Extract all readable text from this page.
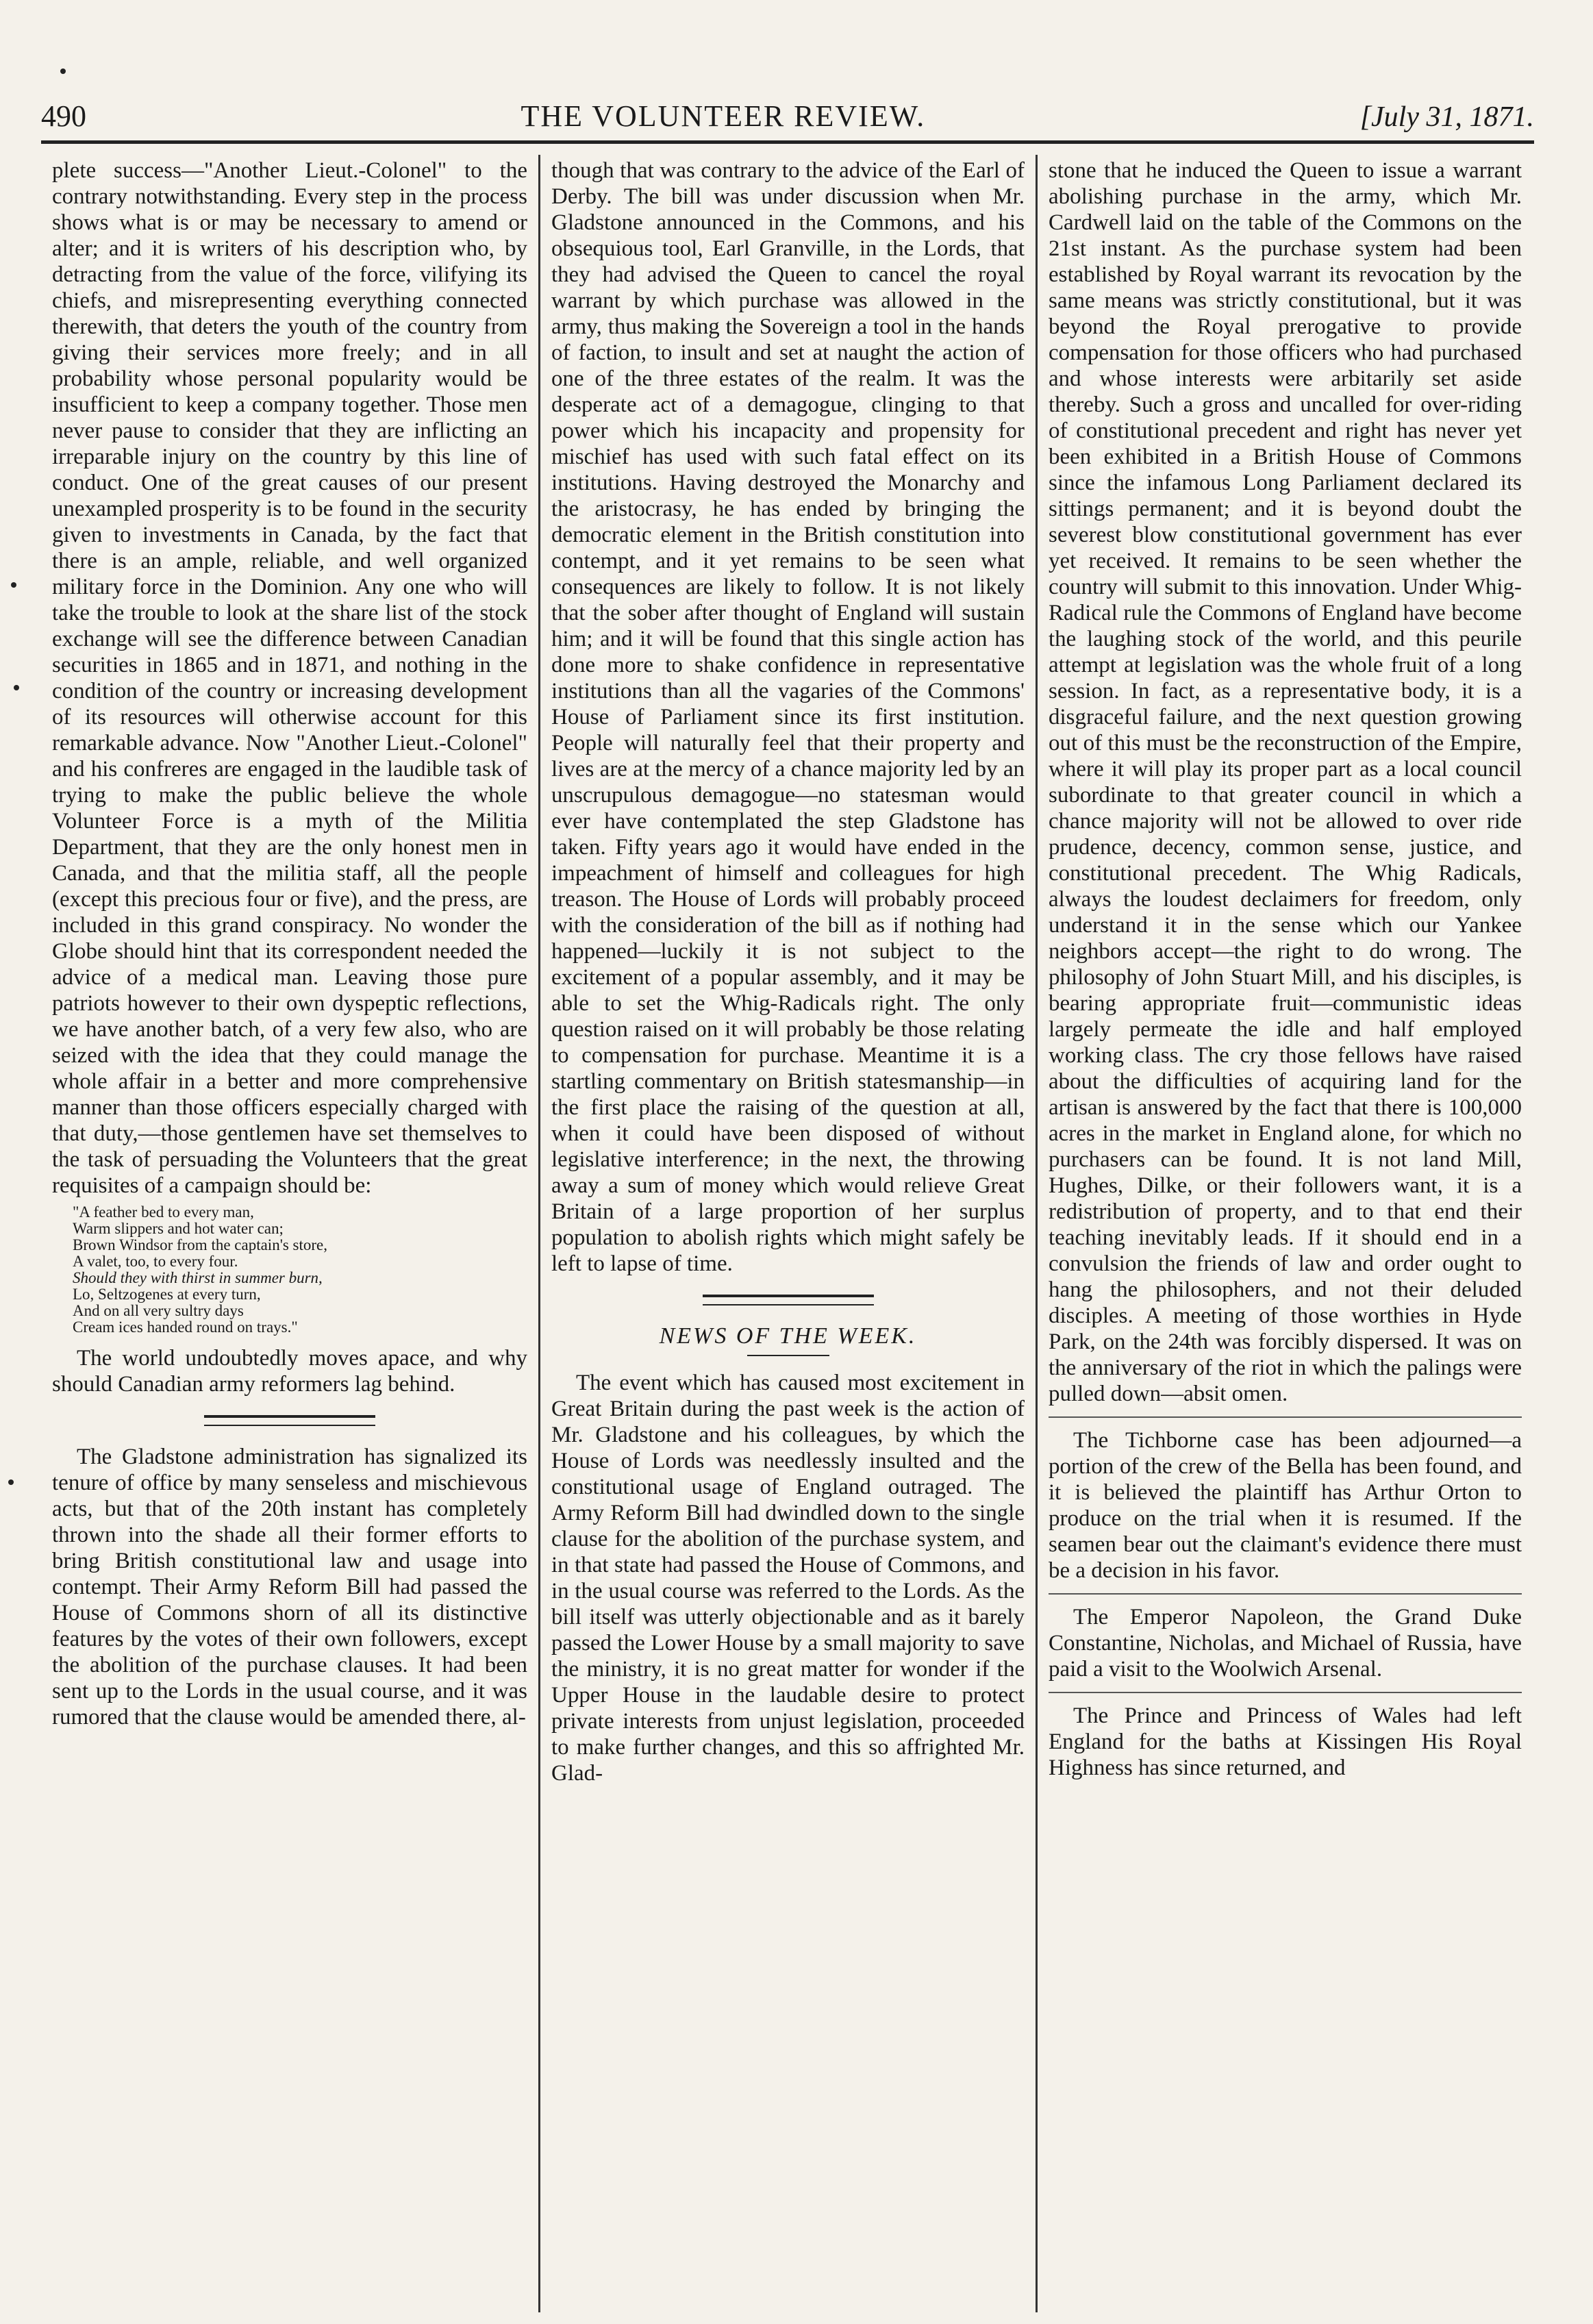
490	THE VOLUNTEER REVIEW.	[July 31, 1871.

plete success—"Another Lieut.-Colonel" to the contrary notwithstanding. Every step in the process shows what is or may be necessary to amend or alter; and it is writers of his description who, by detracting from the value of the force, vilifying its chiefs, and misrepresenting everything connected therewith, that deters the youth of the country from giving their services more freely; and in all probability whose personal popularity would be insufficient to keep a company together. Those men never pause to consider that they are inflicting an irreparable injury on the country by this line of conduct. One of the great causes of our present unexampled prosperity is to be found in the security given to investments in Canada, by the fact that there is an ample, reliable, and well organized military force in the Dominion. Any one who will take the trouble to look at the share list of the stock exchange will see the difference between Canadian securities in 1865 and in 1871, and nothing in the condition of the country or increasing development of its resources will otherwise account for this remarkable advance. Now "Another Lieut.-Colonel" and his confreres are engaged in the laudible task of trying to make the public believe the whole Volunteer Force is a myth of the Militia Department, that they are the only honest men in Canada, and that the militia staff, all the people (except this precious four or five), and the press, are included in this grand conspiracy. No wonder the Globe should hint that its correspondent needed the advice of a medical man. Leaving those pure patriots however to their own dyspeptic reflections, we have another batch, of a very few also, who are seized with the idea that they could manage the whole affair in a better and more comprehensive manner than those officers especially charged with that duty,—those gentlemen have set themselves to the task of persuading the Volunteers that the great requisites of a campaign should be:

"A feather bed to every man,
Warm slippers and hot water can;
Brown Windsor from the captain's store,
A valet, too, to every four.
Should they with thirst in summer burn,
Lo, Seltzogenes at every turn,
And on all very sultry days
Cream ices handed round on trays."

The world undoubtedly moves apace, and why should Canadian army reformers lag behind.

The Gladstone administration has signalized its tenure of office by many senseless and mischievous acts, but that of the 20th instant has completely thrown into the shade all their former efforts to bring British constitutional law and usage into contempt. Their Army Reform Bill had passed the House of Commons shorn of all its distinctive features by the votes of their own followers, except the abolition of the purchase clauses. It had been sent up to the Lords in the usual course, and it was rumored that the clause would be amended there, al-

though that was contrary to the advice of the Earl of Derby. The bill was under discussion when Mr. Gladstone announced in the Commons, and his obsequious tool, Earl Granville, in the Lords, that they had advised the Queen to cancel the royal warrant by which purchase was allowed in the army, thus making the Sovereign a tool in the hands of faction, to insult and set at naught the action of one of the three estates of the realm. It was the desperate act of a demagogue, clinging to that power which his incapacity and propensity for mischief has used with such fatal effect on its institutions. Having destroyed the Monarchy and the aristocrasy, he has ended by bringing the democratic element in the British constitution into contempt, and it yet remains to be seen what consequences are likely to follow. It is not likely that the sober after thought of England will sustain him; and it will be found that this single action has done more to shake confidence in representative institutions than all the vagaries of the Commons' House of Parliament since its first institution. People will naturally feel that their property and lives are at the mercy of a chance majority led by an unscrupulous demagogue—no statesman would ever have contemplated the step Gladstone has taken. Fifty years ago it would have ended in the impeachment of himself and colleagues for high treason. The House of Lords will probably proceed with the consideration of the bill as if nothing had happened—luckily it is not subject to the excitement of a popular assembly, and it may be able to set the Whig-Radicals right. The only question raised on it will probably be those relating to compensation for purchase. Meantime it is a startling commentary on British statesmanship—in the first place the raising of the question at all, when it could have been disposed of without legislative interference; in the next, the throwing away a sum of money which would relieve Great Britain of a large proportion of her surplus population to abolish rights which might safely be left to lapse of time.

NEWS OF THE WEEK.

The event which has caused most excitement in Great Britain during the past week is the action of Mr. Gladstone and his colleagues, by which the House of Lords was needlessly insulted and the constitutional usage of England outraged. The Army Reform Bill had dwindled down to the single clause for the abolition of the purchase system, and in that state had passed the House of Commons, and in the usual course was referred to the Lords. As the bill itself was utterly objectionable and as it barely passed the Lower House by a small majority to save the ministry, it is no great matter for wonder if the Upper House in the laudable desire to protect private interests from unjust legislation, proceeded to make further changes, and this so affrighted Mr. Glad-

stone that he induced the Queen to issue a warrant abolishing purchase in the army, which Mr. Cardwell laid on the table of the Commons on the 21st instant. As the purchase system had been established by Royal warrant its revocation by the same means was strictly constitutional, but it was beyond the Royal prerogative to provide compensation for those officers who had purchased and whose interests were arbitarily set aside thereby. Such a gross and uncalled for over-riding of constitutional precedent and right has never yet been exhibited in a British House of Commons since the infamous Long Parliament declared its sittings permanent; and it is beyond doubt the severest blow constitutional government has ever yet received. It remains to be seen whether the country will submit to this innovation. Under Whig-Radical rule the Commons of England have become the laughing stock of the world, and this peurile attempt at legislation was the whole fruit of a long session. In fact, as a representative body, it is a disgraceful failure, and the next question growing out of this must be the reconstruction of the Empire, where it will play its proper part as a local council subordinate to that greater council in which a chance majority will not be allowed to over ride prudence, decency, common sense, justice, and constitutional precedent. The Whig Radicals, always the loudest declaimers for freedom, only understand it in the sense which our Yankee neighbors accept—the right to do wrong. The philosophy of John Stuart Mill, and his disciples, is bearing appropriate fruit—communistic ideas largely permeate the idle and half employed working class. The cry those fellows have raised about the difficulties of acquiring land for the artisan is answered by the fact that there is 100,000 acres in the market in England alone, for which no purchasers can be found. It is not land Mill, Hughes, Dilke, or their followers want, it is a redistribution of property, and to that end their teaching inevitably leads. If it should end in a convulsion the friends of law and order ought to hang the philosophers, and not their deluded disciples. A meeting of those worthies in Hyde Park, on the 24th was forcibly dispersed. It was on the anniversary of the riot in which the palings were pulled down—absit omen.

The Tichborne case has been adjourned—a portion of the crew of the Bella has been found, and it is believed the plaintiff has Arthur Orton to produce on the trial when it is resumed. If the seamen bear out the claimant's evidence there must be a decision in his favor.

The Emperor Napoleon, the Grand Duke Constantine, Nicholas, and Michael of Russia, have paid a visit to the Woolwich Arsenal.

The Prince and Princess of Wales had left England for the baths at Kissingen His Royal Highness has since returned, and
